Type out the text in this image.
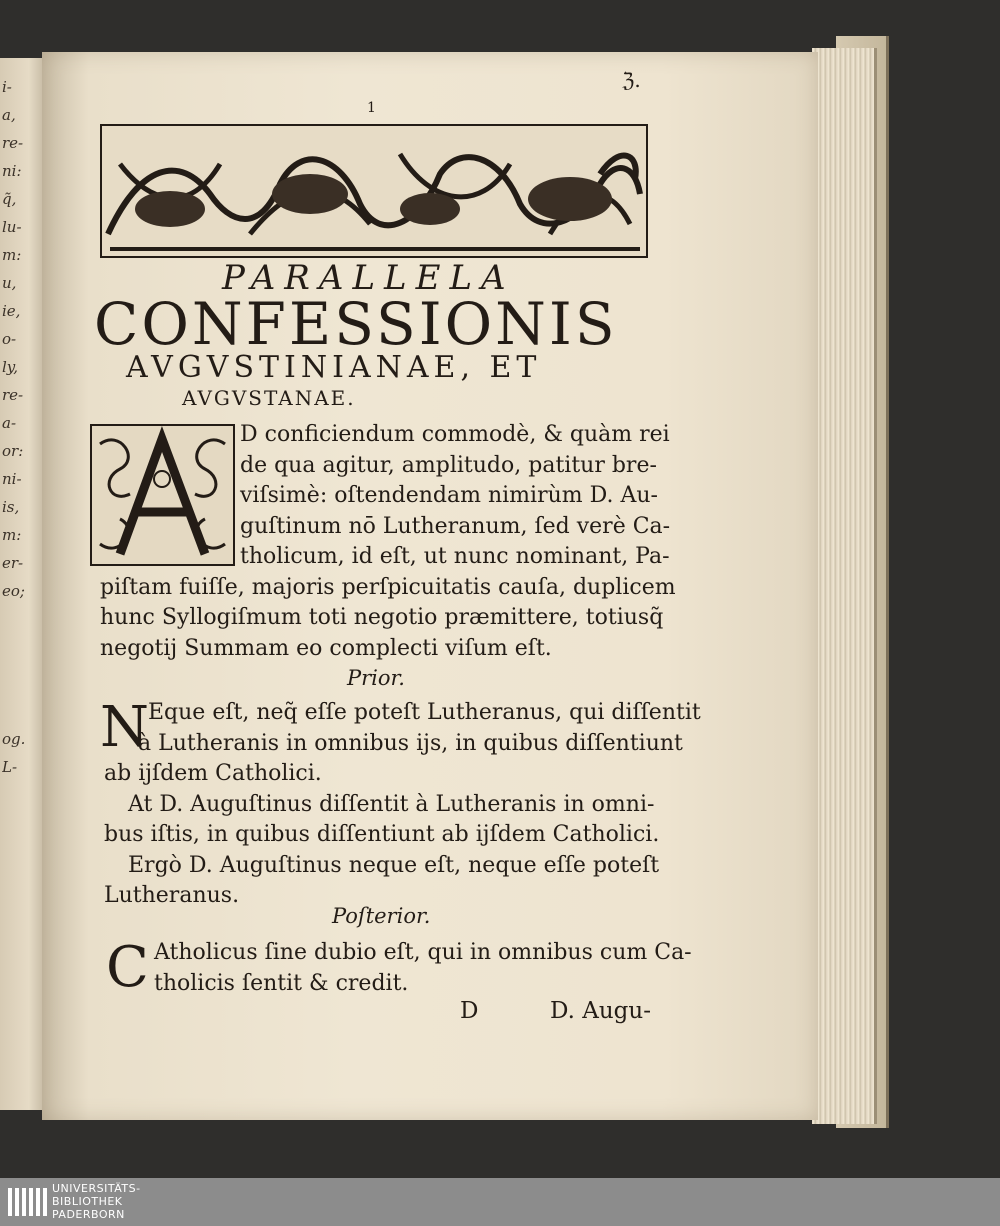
i-
a,
re-
ni:
q̃,
lu-
m:
u,
ie,
o-
ly,
re-
a-
or:
ni-
is,
m:
er-
eo;
og.
L-
1
ℨ.
PARALLELA
CONFESSIONIS
AVGVSTINIANAE, ET
AVGVSTANAE.
D conficiendum commodè, & quàm rei
de qua agitur, amplitudo, patitur bre-
viſsimè: oſtendendam nimirùm D. Au-
guſtinum nō Lutheranum, ſed verè Ca-
tholicum, id eſt, ut nunc nominant, Pa-
piſtam fuiſſe, majoris perſpicuitatis cauſa, duplicem
hunc Syllogiſmum toti negotio præmittere, totiusq̃
negotij Summam eo complecti viſum eſt.
Prior.
N Eque eſt, neq̃ eſſe poteſt Lutheranus, qui diſſentit
à Lutheranis in omnibus ijs, in quibus diſſentiunt
ab ijſdem Catholici.
At D. Auguſtinus diſſentit à Lutheranis in omni-
bus iſtis, in quibus diſſentiunt ab ijſdem Catholici.
Ergò D. Auguſtinus neque eſt, neque eſſe poteſt
Lutheranus.
Poſterior.
C Atholicus ſine dubio eſt, qui in omnibus cum Ca-
tholicis ſentit & credit.
D	D. Augu-
UNIVERSITÄTS-
BIBLIOTHEK
PADERBORN
